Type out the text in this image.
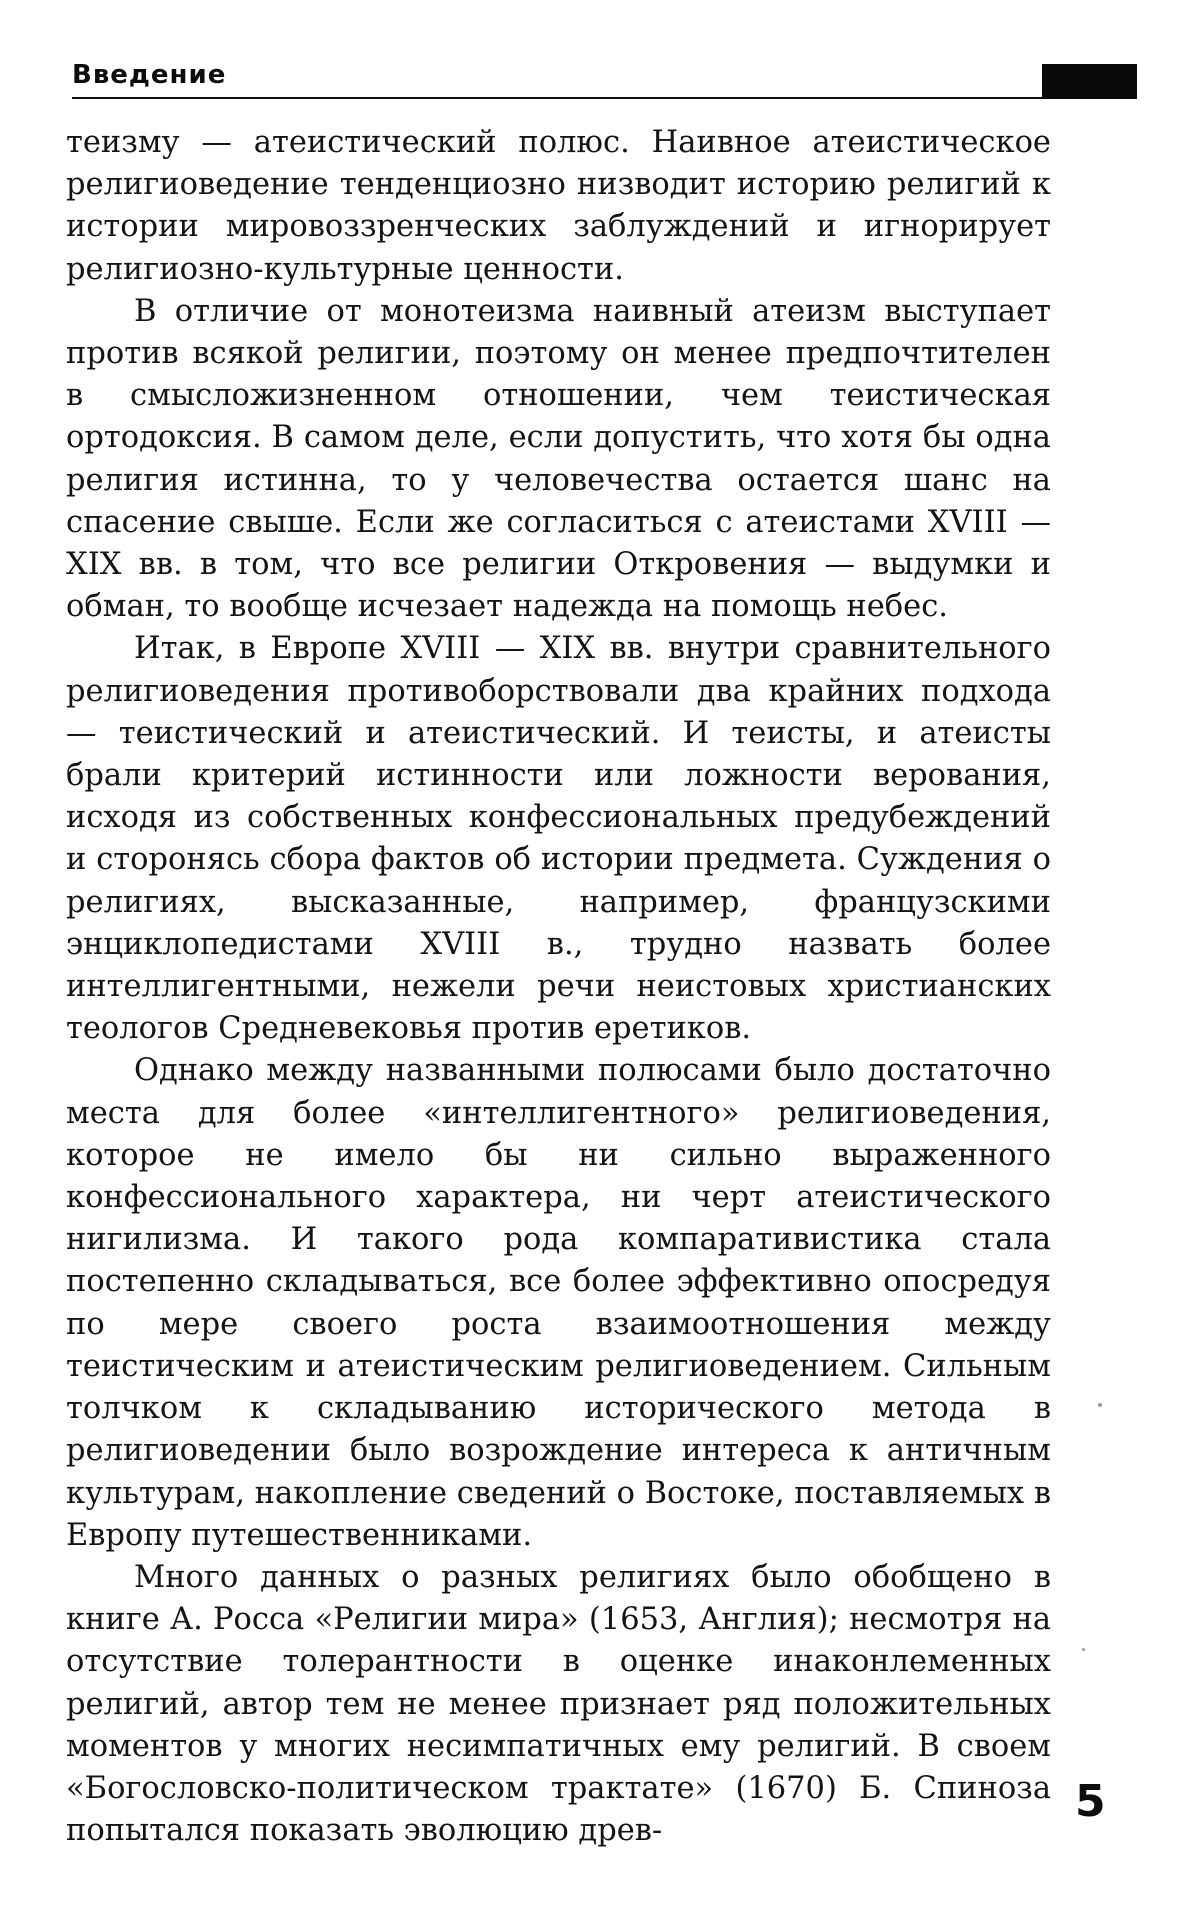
Введение

теизму — атеистический полюс. Наивное атеистическое религиоведение тенденциозно низводит историю религий к истории мировоззренческих заблуждений и игнорирует религиозно-культурные ценности.

В отличие от монотеизма наивный атеизм выступает против всякой религии, поэтому он менее предпочтителен в смысложизненном отношении, чем теистическая ортодоксия. В самом деле, если допустить, что хотя бы одна религия истинна, то у человечества остается шанс на спасение свыше. Если же согласиться с атеистами XVIII — XIX вв. в том, что все религии Откровения — выдумки и обман, то вообще исчезает надежда на помощь небес.

Итак, в Европе XVIII — XIX вв. внутри сравнительного религиоведения противоборствовали два крайних подхода — теистический и атеистический. И теисты, и атеисты брали критерий истинности или ложности верования, исходя из собственных конфессиональных предубеждений и сторонясь сбора фактов об истории предмета. Суждения о религиях, высказанные, например, французскими энциклопедистами XVIII в., трудно назвать более интеллигентными, нежели речи неистовых христианских теологов Средневековья против еретиков.

Однако между названными полюсами было достаточно места для более «интеллигентного» религиоведения, которое не имело бы ни сильно выраженного конфессионального характера, ни черт атеистического нигилизма. И такого рода компаративистика стала постепенно складываться, все более эффективно опосредуя по мере своего роста взаимоотношения между теистическим и атеистическим религиоведением. Сильным толчком к складыванию исторического метода в религиоведении было возрождение интереса к античным культурам, накопление сведений о Востоке, поставляемых в Европу путешественниками.

Много данных о разных религиях было обобщено в книге А. Росса «Религии мира» (1653, Англия); несмотря на отсутствие толерантности в оценке инаконлеменных религий, автор тем не менее признает ряд положительных моментов у многих несимпатичных ему религий. В своем «Богословско-политическом трактате» (1670) Б. Спиноза попытался показать эволюцию древ-

5
